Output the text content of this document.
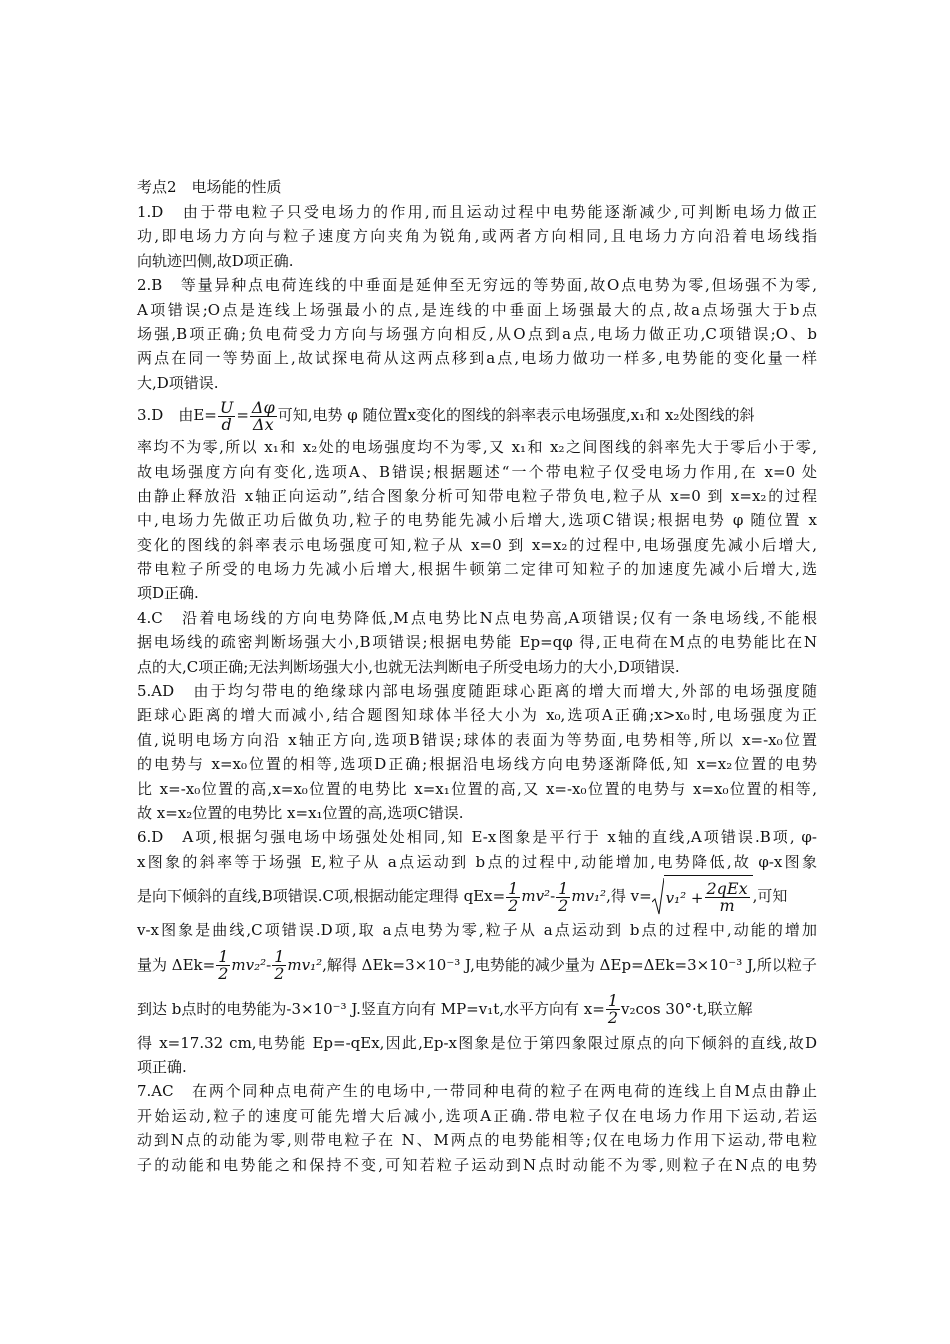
考点2　电场能的性质
1.D　由于带电粒子只受电场力的作用,而且运动过程中电势能逐渐减少,可判断电场力做正
功,即电场力方向与粒子速度方向夹角为锐角,或两者方向相同,且电场力方向沿着电场线指
向轨迹凹侧,故D项正确.
2.B　等量异种点电荷连线的中垂面是延伸至无穷远的等势面,故O点电势为零,但场强不为零,
A项错误;O点是连线上场强最小的点,是连线的中垂面上场强最大的点,故a点场强大于b点
场强,B项正确;负电荷受力方向与场强方向相反,从O点到a点,电场力做正功,C项错误;O、b
两点在同一等势面上,故试探电荷从这两点移到a点,电场力做功一样多,电势能的变化量一样
大,D项错误.
3.D　由$E= \frac{U}{d} = \frac{\Delta\varphi}{\Delta x}$ 可知,电势 φ 随位置x变化的图线的斜率表示电场强度,x₁和 x₂处图线的斜
率均不为零,所以 x₁和 x₂处的电场强度均不为零,又 x₁和 x₂之间图线的斜率先大于零后小于零,
故电场强度方向有变化,选项A、B错误;根据题述“一个带电粒子仅受电场力作用,在 x=0 处
由静止释放沿 x轴正向运动”,结合图象分析可知带电粒子带负电,粒子从 x=0 到 x=x₂的过程
中,电场力先做正功后做负功,粒子的电势能先减小后增大,选项C错误;根据电势 φ 随位置 x
变化的图线的斜率表示电场强度可知,粒子从 x=0 到 x=x₂的过程中,电场强度先减小后增大,
带电粒子所受的电场力先减小后增大,根据牛顿第二定律可知粒子的加速度先减小后增大,选
项D正确.
4.C　沿着电场线的方向电势降低,M点电势比N点电势高,A项错误;仅有一条电场线,不能根
据电场线的疏密判断场强大小,B项错误;根据电势能 Ep=qφ 得,正电荷在M点的电势能比在N
点的大,C项正确;无法判断场强大小,也就无法判断电子所受电场力的大小,D项错误.
5.AD　由于均匀带电的绝缘球内部电场强度随距球心距离的增大而增大,外部的电场强度随
距球心距离的增大而减小,结合题图知球体半径大小为 x₀,选项A正确;x>x₀时,电场强度为正
值,说明电场方向沿 x轴正方向,选项B错误;球体的表面为等势面,电势相等,所以 x=-x₀位置
的电势与 x=x₀位置的相等,选项D正确;根据沿电场线方向电势逐渐降低,知 x=x₂位置的电势
比 x=-x₀位置的高,x=x₀位置的电势比 x=x₁位置的高,又 x=-x₀位置的电势与 x=x₀位置的相等,
故 x=x₂位置的电势比 x=x₁位置的高,选项C错误.
6.D　A项,根据匀强电场中场强处处相同,知 E-x图象是平行于 x轴的直线,A项错误.B项, φ-
x图象的斜率等于场强 E,粒子从 a点运动到 b点的过程中,动能增加,电势降低,故 φ-x图象
是向下倾斜的直线,B项错误.C项,根据动能定理得 $qEx= \frac{1}{2} mv^2- \frac{1}{2} mv_1^2$,得 $v= v_1^2 + \frac{\text{2qEx}}{m}$ ,可知
v-x图象是曲线,C项错误.D项,取 a点电势为零,粒子从 a点运动到 b点的过程中,动能的增加
量为 $\Delta Ek= \frac{1}{2} mv_2^2- \frac{1}{2} mv_1^2$,解得 ΔEk=3×10⁻³ J,电势能的减少量为 ΔEp=ΔEk=3×10⁻³ J,所以粒子
到达 b点时的电势能为-3×10⁻³ J.竖直方向有 MP=v₁t,水平方向有 $x= \frac{1}{2} v_2\cos$ 30°·t,联立解
得 x=17.32 cm,电势能 Ep=-qEx,因此,Ep-x图象是位于第四象限过原点的向下倾斜的直线,故D
项正确.
7.AC　在两个同种点电荷产生的电场中,一带同种电荷的粒子在两电荷的连线上自M点由静止
开始运动,粒子的速度可能先增大后减小,选项A正确.带电粒子仅在电场力作用下运动,若运
动到N点的动能为零,则带电粒子在 N、M两点的电势能相等;仅在电场力作用下运动,带电粒
子的动能和电势能之和保持不变,可知若粒子运动到N点时动能不为零,则粒子在N点的电势
